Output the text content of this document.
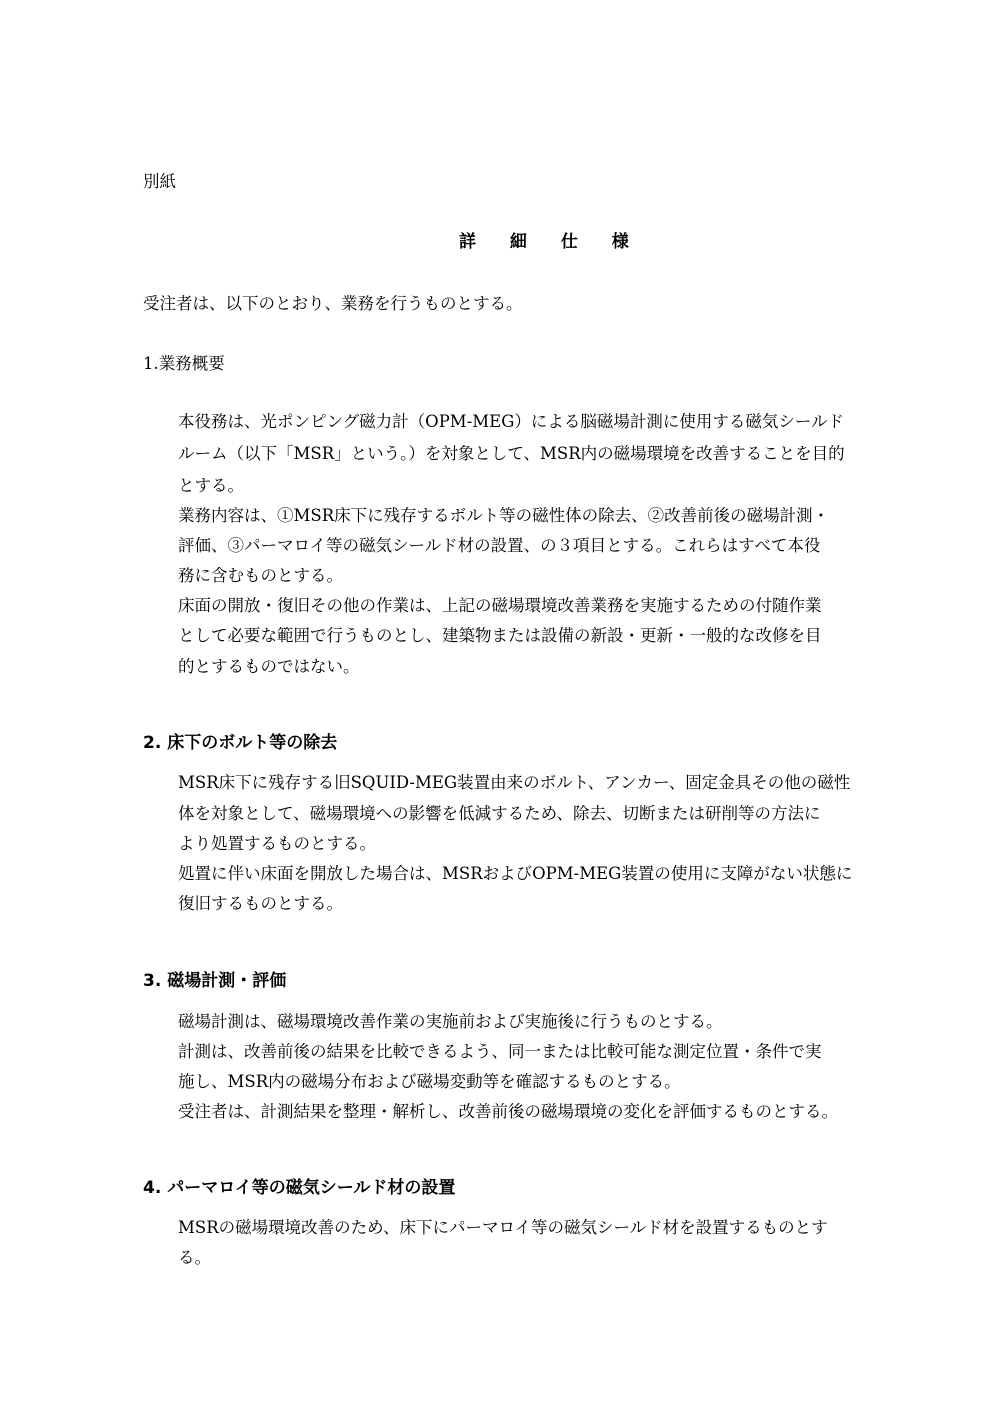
別紙
詳 細 仕 様
受注者は、以下のとおり、業務を行うものとする。
1.業務概要
本役務は、光ポンピング磁力計（OPM-MEG）による脳磁場計測に使用する磁気シールド
ルーム（以下「MSR」という。）を対象として、MSR内の磁場環境を改善することを目的
とする。
業務内容は、①MSR床下に残存するボルト等の磁性体の除去、②改善前後の磁場計測・
評価、③パーマロイ等の磁気シールド材の設置、の３項目とする。これらはすべて本役
務に含むものとする。
床面の開放・復旧その他の作業は、上記の磁場環境改善業務を実施するための付随作業
として必要な範囲で行うものとし、建築物または設備の新設・更新・一般的な改修を目
的とするものではない。
2. 床下のボルト等の除去
MSR床下に残存する旧SQUID-MEG装置由来のボルト、アンカー、固定金具その他の磁性
体を対象として、磁場環境への影響を低減するため、除去、切断または研削等の方法に
より処置するものとする。
処置に伴い床面を開放した場合は、MSRおよびOPM-MEG装置の使用に支障がない状態に
復旧するものとする。
3. 磁場計測・評価
磁場計測は、磁場環境改善作業の実施前および実施後に行うものとする。
計測は、改善前後の結果を比較できるよう、同一または比較可能な測定位置・条件で実
施し、MSR内の磁場分布および磁場変動等を確認するものとする。
受注者は、計測結果を整理・解析し、改善前後の磁場環境の変化を評価するものとする。
4. パーマロイ等の磁気シールド材の設置
MSRの磁場環境改善のため、床下にパーマロイ等の磁気シールド材を設置するものとす
る。
